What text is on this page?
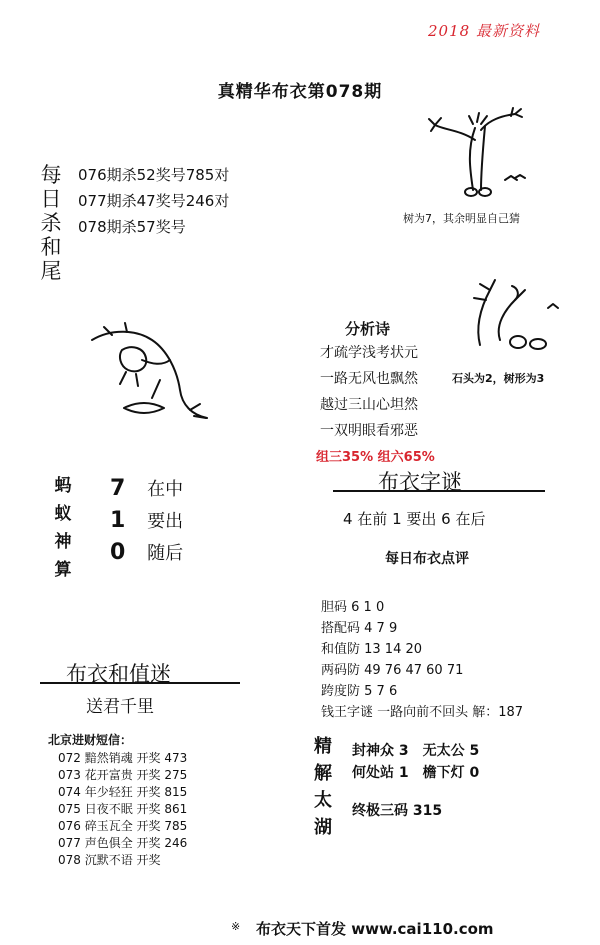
2018 最新资料
真精华布衣第078期
每
日
杀
和
尾
076期杀52奖号785对
077期杀47奖号246对
078期杀57奖号	树为7，其余明显自己猜
石头为2，树形为3
分析诗
才疏学浅考状元
一路无风也飘然
越过三山心坦然
一双明眼看邪恶
组三35% 组六65%
蚂
蚁
神
算
7 在中
1 要出
0 随后
布衣字谜
4 在前 1 要出 6 在后
每日布衣点评
胆码 6 1 0
搭配码 4 7 9
和值防 13 14 20
两码防 49 76 47 60 71
跨度防 5 7 6
钱王字谜 一路向前不回头 解：187
布衣和值迷
送君千里
北京进财短信：
072 黯然销魂 开奖 473
073 花开富贵 开奖 275
074 年少轻狂 开奖 815
075 日夜不眠 开奖 861
076 碎玉瓦全 开奖 785
077 声色俱全 开奖 246
078 沉默不语 开奖
精
解
太
湖
封神众 3　无太公 5
何处站 1　檐下灯 0
终极三码 315
※ 布衣天下首发 www.cai110.com
